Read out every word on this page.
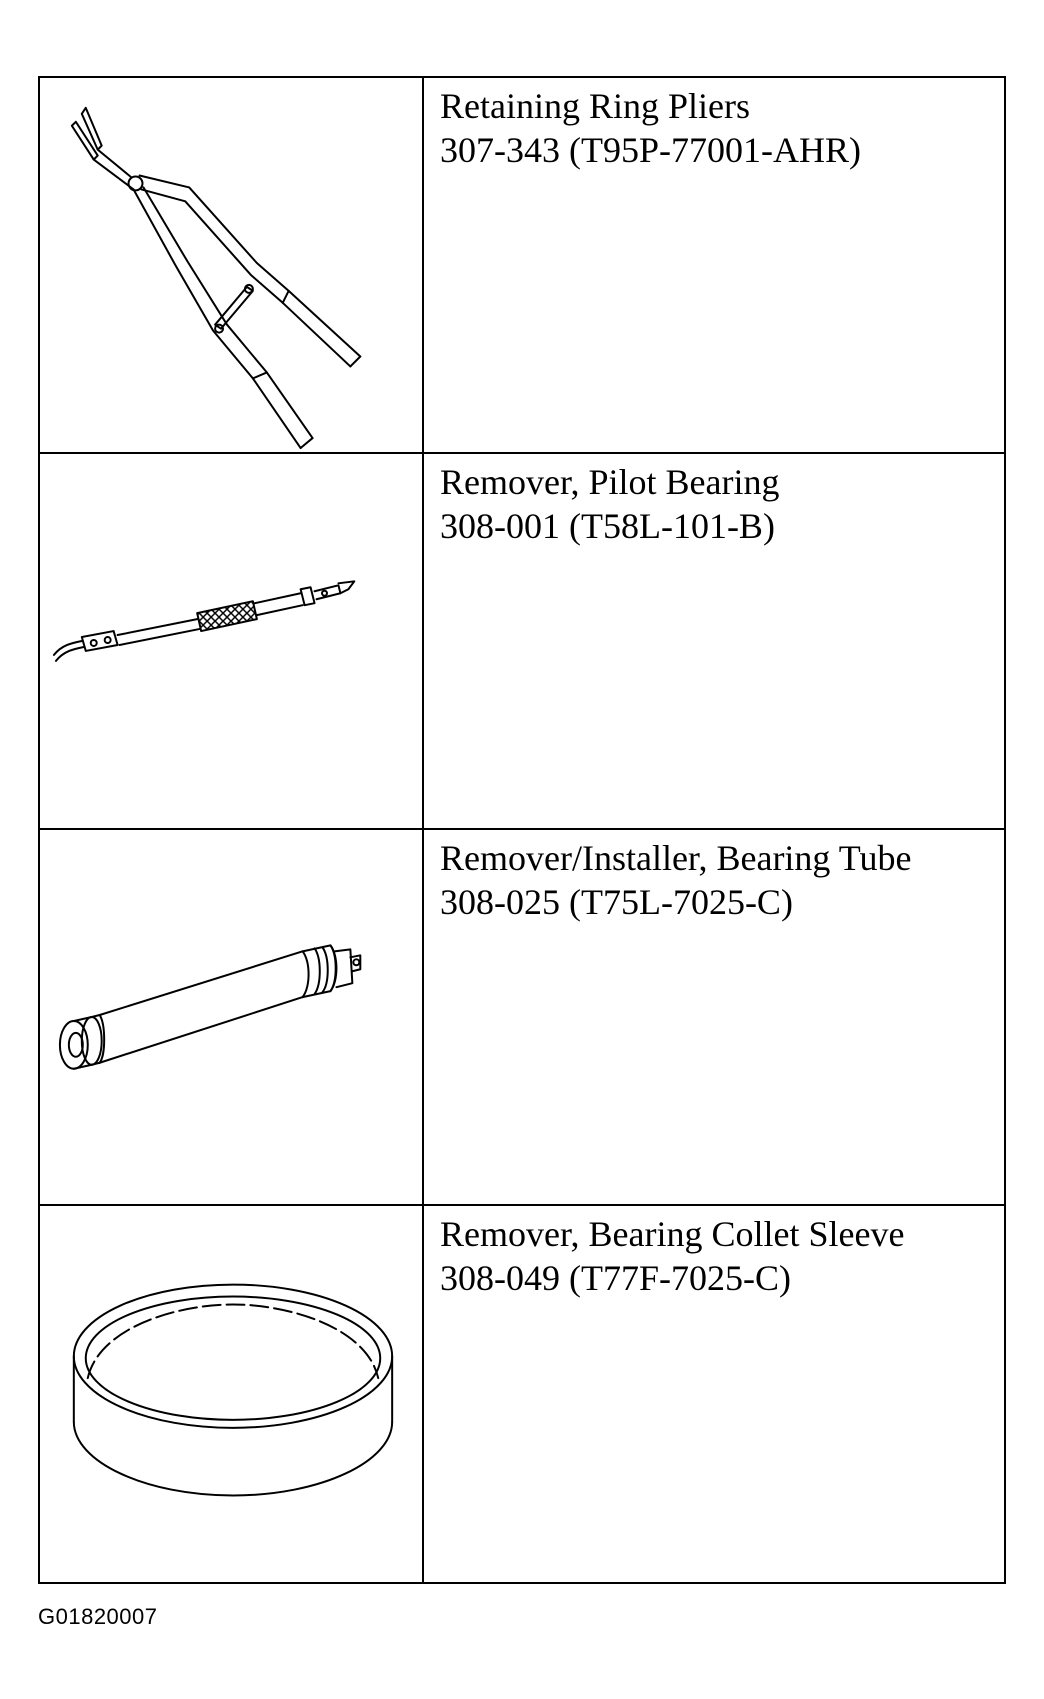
Retaining Ring Pliers
307-343 (T95P-77001-AHR)
Remover, Pilot Bearing
308-001 (T58L-101-B)
Remover/Installer, Bearing Tube
308-025 (T75L-7025-C)
Remover, Bearing Collet Sleeve
308-049 (T77F-7025-C)
G01820007
